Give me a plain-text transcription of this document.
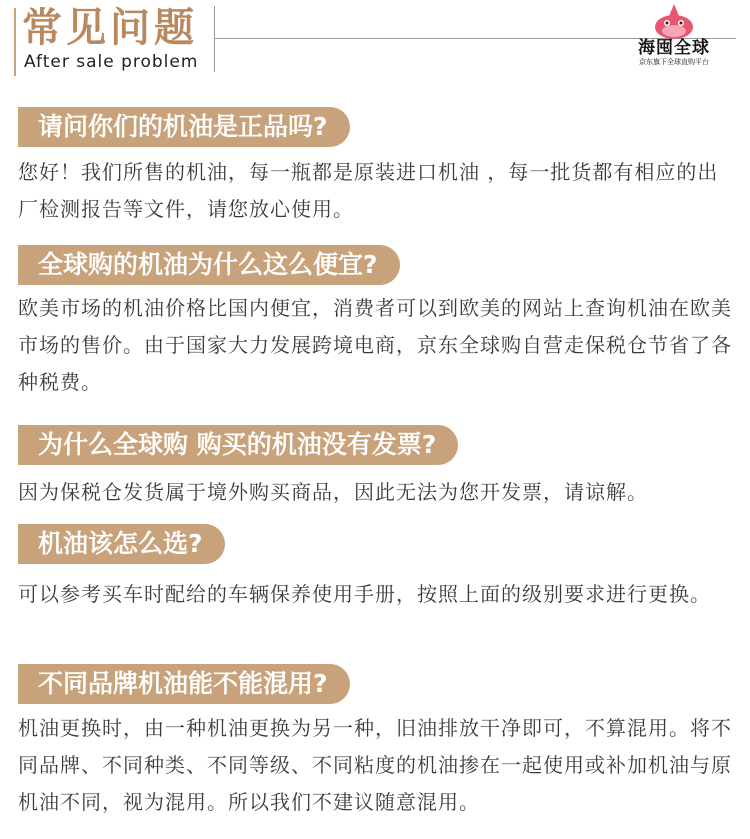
常见问题
After sale problem
海囤全球
京东旗下全球直购平台
请问你们的机油是正品吗?
您好！我们所售的机油，每一瓶都是原装进口机油 ，每一批货都有相应的出厂检测报告等文件，请您放心使用。
全球购的机油为什么这么便宜?
欧美市场的机油价格比国内便宜，消费者可以到欧美的网站上查询机油在欧美市场的售价。由于国家大力发展跨境电商，京东全球购自营走保税仓节省了各种税费。
为什么全球购 购买的机油没有发票?
因为保税仓发货属于境外购买商品，因此无法为您开发票，请谅解。
机油该怎么选?
可以参考买车时配给的车辆保养使用手册，按照上面的级别要求进行更换。
不同品牌机油能不能混用?
机油更换时，由一种机油更换为另一种，旧油排放干净即可，不算混用。将不同品牌、不同种类、不同等级、不同粘度的机油掺在一起使用或补加机油与原机油不同，视为混用。所以我们不建议随意混用。
